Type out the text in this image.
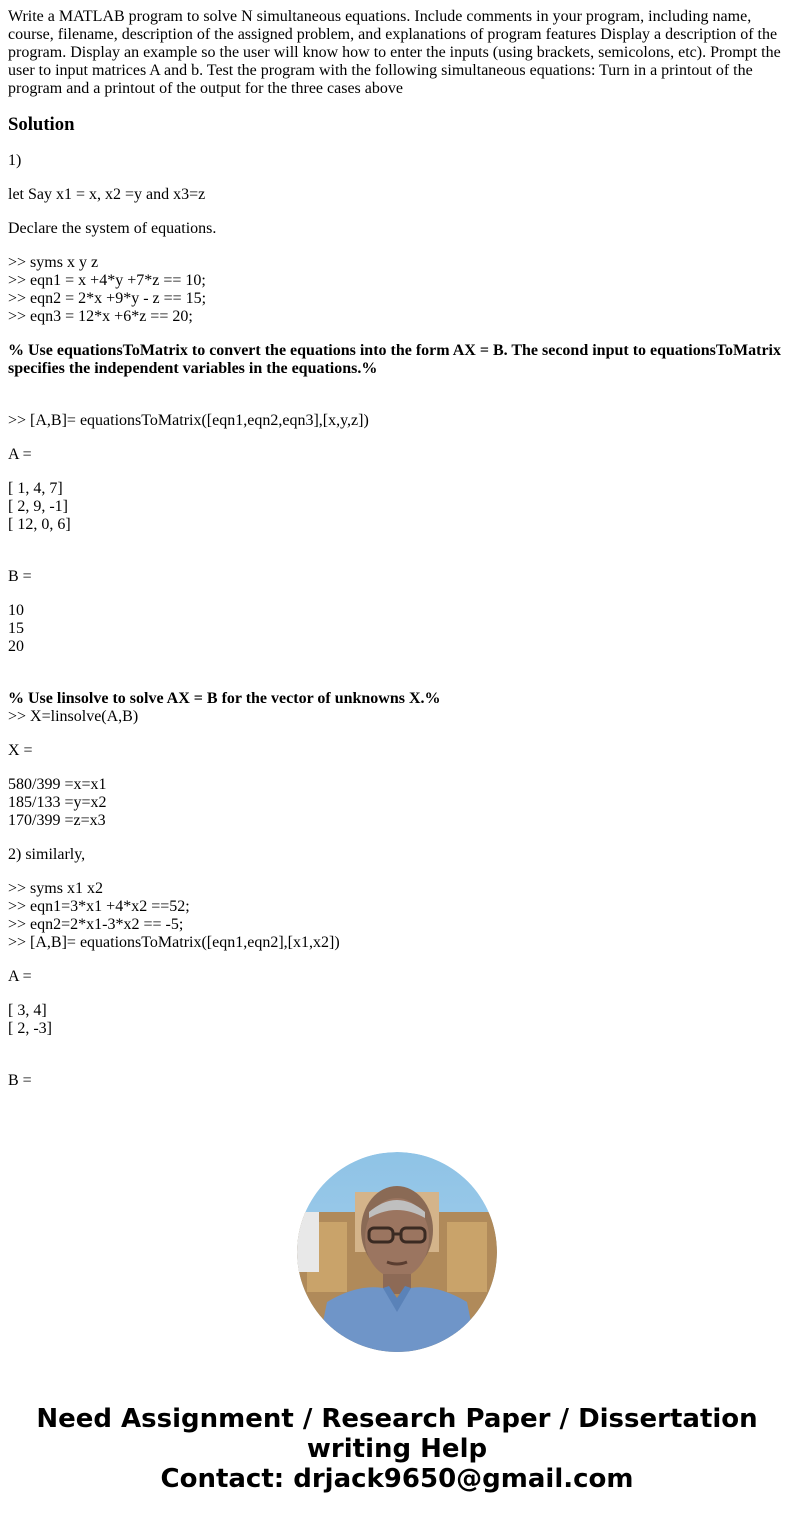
Write a MATLAB program to solve N simultaneous equations. Include comments in your program, including name, course, filename, description of the assigned problem, and explanations of program features Display a description of the program. Display an example so the user will know how to enter the inputs (using brackets, semicolons, etc). Prompt the user to input matrices A and b. Test the program with the following simultaneous equations: Turn in a printout of the program and a printout of the output for the three cases above

Solution

1)

let Say x1 = x, x2 =y and x3=z

Declare the system of equations.

>> syms x y z
>> eqn1 = x +4*y +7*z == 10;
>> eqn2 = 2*x +9*y - z == 15;
>> eqn3 = 12*x +6*z == 20;

% Use equationsToMatrix to convert the equations into the form AX = B. The second input to equationsToMatrix specifies the independent variables in the equations.%

>> [A,B]= equationsToMatrix([eqn1,eqn2,eqn3],[x,y,z])

A =

[ 1, 4, 7]
[ 2, 9, -1]
[ 12, 0, 6]

B =

10
15
20

% Use linsolve to solve AX = B for the vector of unknowns X.%
>> X=linsolve(A,B)

X =

580/399 =x=x1
185/133 =y=x2
170/399 =z=x3

2) similarly,

>> syms x1 x2
>> eqn1=3*x1 +4*x2 ==52;
>> eqn2=2*x1-3*x2 == -5;
>> [A,B]= equationsToMatrix([eqn1,eqn2],[x1,x2])

A =

[ 3, 4]
[ 2, -3]

B =

Need Assignment / Research Paper / Dissertation
writing Help
Contact: drjack9650@gmail.com
